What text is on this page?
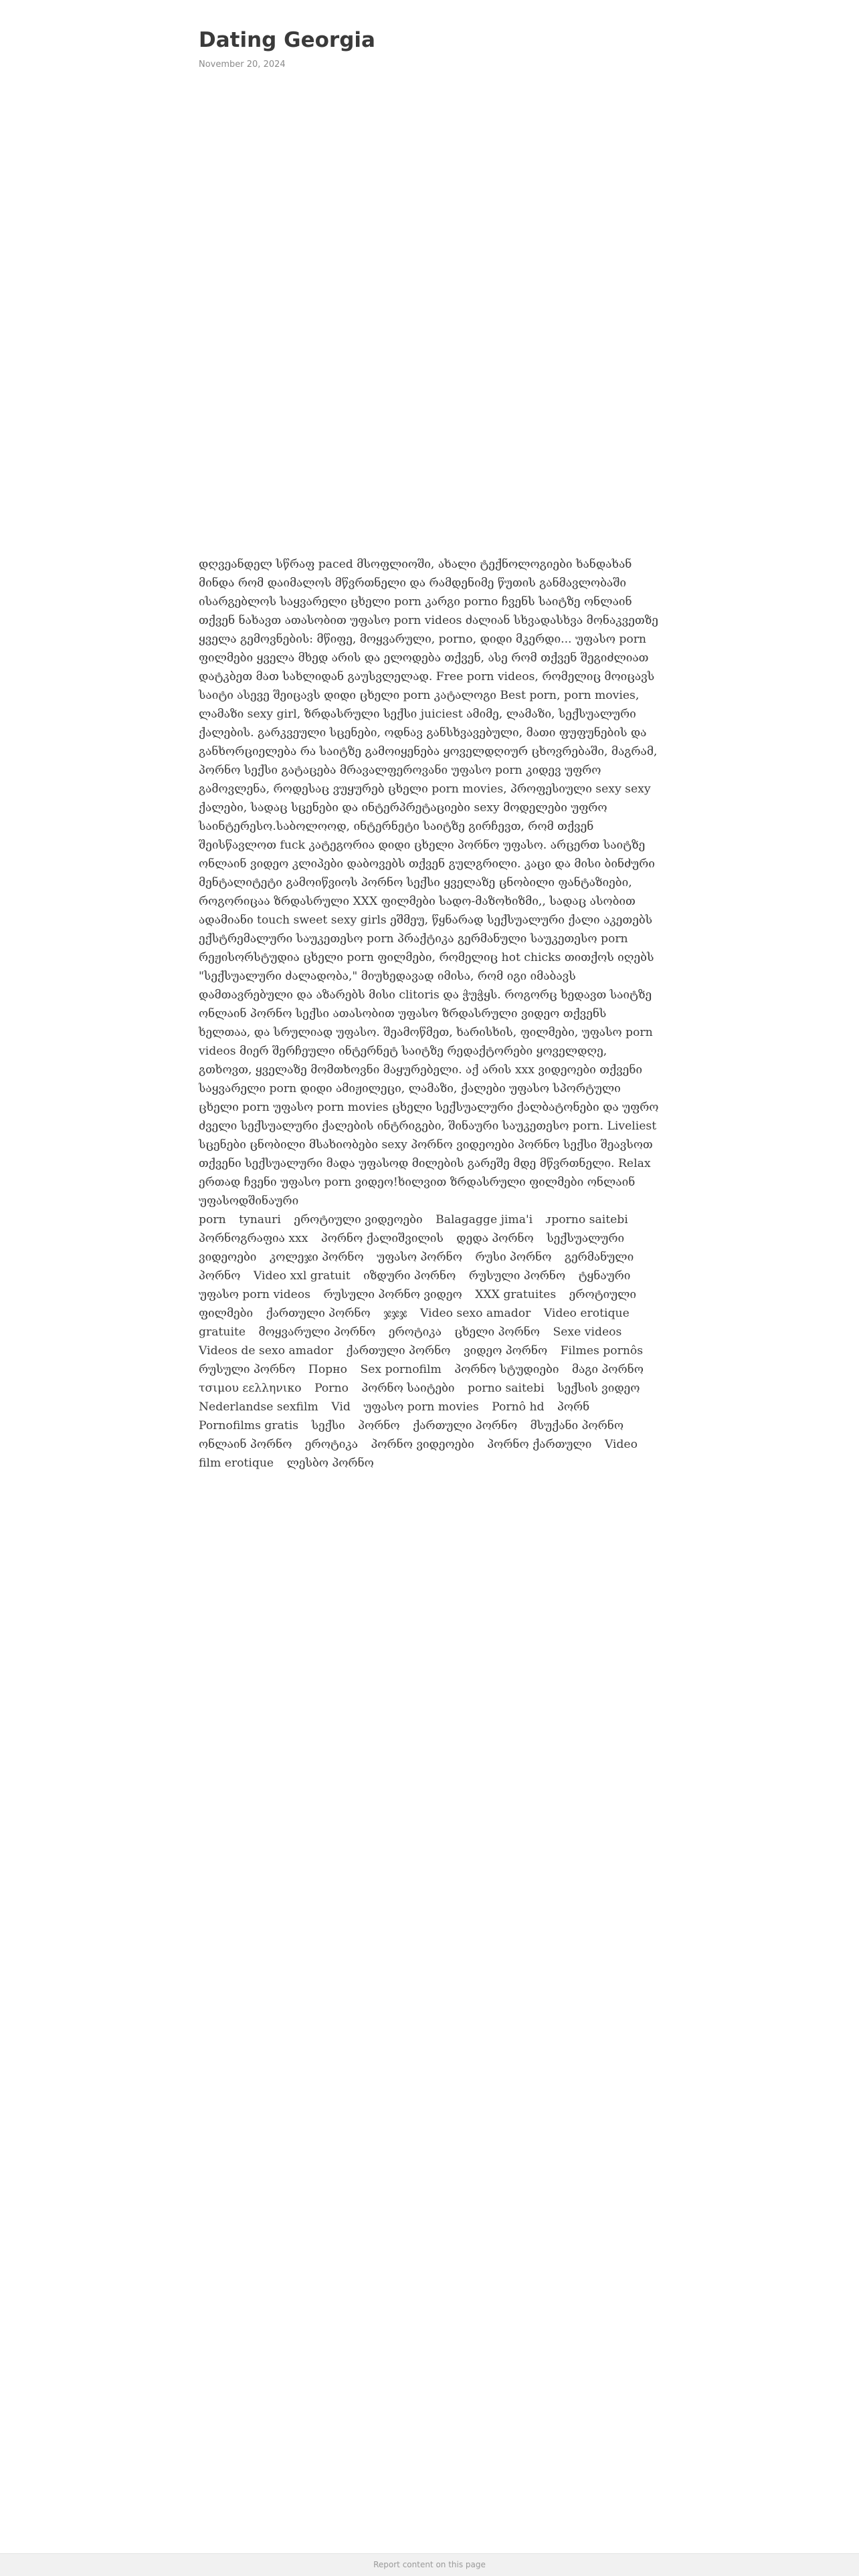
Dating Georgia
November 20, 2024

დღვეანდელ სწრაფ paced მსოფლიოში, ახალი ტექნოლოგიები ხანდახან მინდა რომ დაიმალოს მწვრთნელი და რამდენიმე წუთის განმავლობაში ისარგებლოს საყვარელი ცხელი porn კარგი porno ჩვენს საიტზე ონლაინ თქვენ ნახავთ ათასობით უფასო porn videos ძალიან სხვადასხვა მონაკვეთზე ყველა გემოვნების: მწიფე, მოყვარული, porno, დიდი მკერდი... უფასო porn ფილმები ყველა მხედ არის და ელოდება თქვენ, ასე რომ თქვენ შეგიძლიათ დატკბეთ მათ სახლიდან გაუსვლელად. Free porn videos, რომელიც მოიცავს საიტი ასევე შეიცავს დიდი ცხელი porn კატალოგი Best porn, porn movies, ლამაზი sexy girl, ზრდასრული სექსი juiciest ამიმე, ლამაზი, სექსუალური ქალების. გარკვეული სცენები, ოდნავ განსხვავებული, მათი ფუფუნების და განხორციელება რა საიტზე გამოიყენება ყოველდღიურ ცხოვრებაში, მაგრამ, პორნო სექსი გატაცება მრავალფეროვანი უფასო porn კიდევ უფრო გამოვლენა, როდესაც ვუყურებ ცხელი porn movies, პროფესიული sexy sexy ქალები, სადაც სცენები და ინტერპრეტაციები sexy მოდელები უფრო საინტერესო.საბოლოოდ, ინტერნეტი საიტზე გირჩევთ, რომ თქვენ შეისწავლოთ fuck კატეგორია დიდი ცხელი პორნო უფასო. არცერთ საიტზე ონლაინ ვიდეო კლიპები დაბოვებს თქვენ გულგრილი. კაცი და მისი ბინძური მენტალიტეტი გამოიწვიოს პორნო სექსი ყველაზე ცნობილი ფანტაზიები, როგორიცაა ზრდასრული XXX ფილმები სადო-მაზოხიზმი,, სადაც ასობით ადამიანი touch sweet sexy girls ეშმეუ, წყნარად სექსუალური ქალი აკეთებს ექსტრემალური საუკეთესო porn პრაქტიკა გერმანული საუკეთესო porn რეჟისორსტუდია ცხელი porn ფილმები, რომელიც hot chicks თითქოს იღებს "სექსუალური ძალადობა," მიუხედავად იმისა, რომ იგი იმაბავს დამთავრებული და აზარებს მისი clitoris და ჭუჭყს. როგორც ხედავთ საიტზე ონლაინ პორნო სექსი ათასობით უფასო ზრდასრული ვიდეო თქვენს ხელთაა, და სრულიად უფასო. შეამოწმეთ, ხარისხის, ფილმები, უფასო porn videos მიერ შერჩეული ინტერნეტ საიტზე რედაქტორები ყოველდღე, გთხოვთ, ყველაზე მომთხოვნი მაყურებელი. აქ არის xxx ვიდეოები თქვენი საყვარელი porn დიდი ამიჟილეცი, ლამაზი, ქალები უფასო სპორტული ცხელი porn უფასო porn movies ცხელი სექსუალური ქალბატონები და უფრო ძველი სექსუალური ქალების ინტრიგები, შინაური საუკეთესო porn. Liveliest სცენები ცნობილი მსახიობები sexy პორნო ვიდეოები პორნო სექსი შეავსოთ თქვენი სექსუალური მადა უფასოდ მილების გარეშე მდე მწვრთნელი. Relax ერთად ჩვენი უფასო porn ვიდეო!ხილვით ზრდასრული ფილმები ონლაინ უფასოდშინაური

porn tynauri ეროტიული ვიდეოები Balagagge jima'i ᴊporno saitebi პორნოგრაფია xxx პორნო ქალიშვილის დედა პორნო სექსუალური ვიდეოები კოლეჯი პორნო უფასო პორნო რუსი პორნო გერმანული პორნო Video xxl gratuit იზდური პორნო რუსული პორნო ტყნაური უფასო porn videos რუსული პორნო ვიდეო XXX gratuites ეროტიული ფილმები ქართული პორნო ჯჯჯ Video sexo amador Video erotique gratuite მოყვარული პორნო ეროტიკა ცხელი პორნო Sexe videos Videos de sexo amador ქართული პორნო ვიდეო პორნო Filmes pornôs რუსული პორნო Порно Sex pornofilm პორნო სტუდიები მაგი პორნო τσιμου εελληνικο Porno პორნო საიტები porno saitebi სექსის ვიდეო Nederlandse sexfilm Vid უფასო porn movies Pornô hd პორნ Pornofilms gratis სექსი პორნო ქართული პორნო მსუქანი პორნო ონლაინ პორნო ეროტიკა პორნო ვიდეოები პორნო ქართული Video film erotique ლესბო პორნო
Report content on this page
